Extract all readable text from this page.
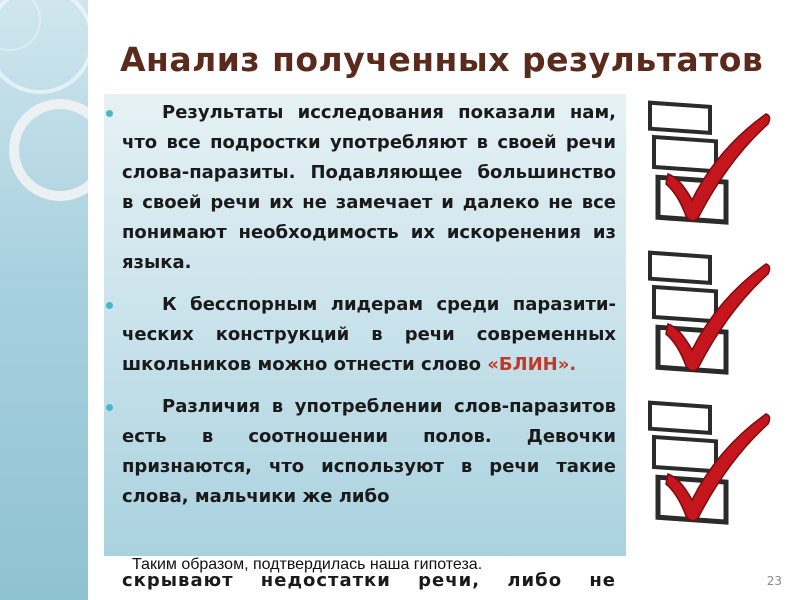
Анализ полученных результатов

Результаты исследования показали нам, что все подростки употребляют в своей речи слова-паразиты. Подавляющее большинство в своей речи их не замечает и далеко не все понимают необходимость их искоренения из языка.

К бесспорным лидерам среди паразити-ческих конструкций в речи современных школьников можно отнести слово «БЛИН».

Различия в употреблении слов-паразитов есть в соотношении полов. Девочки признаются, что используют в речи такие слова, мальчики же либо

скрывают недостатки речи, либо не
Таким образом, подтвердилась наша гипотеза.
23
